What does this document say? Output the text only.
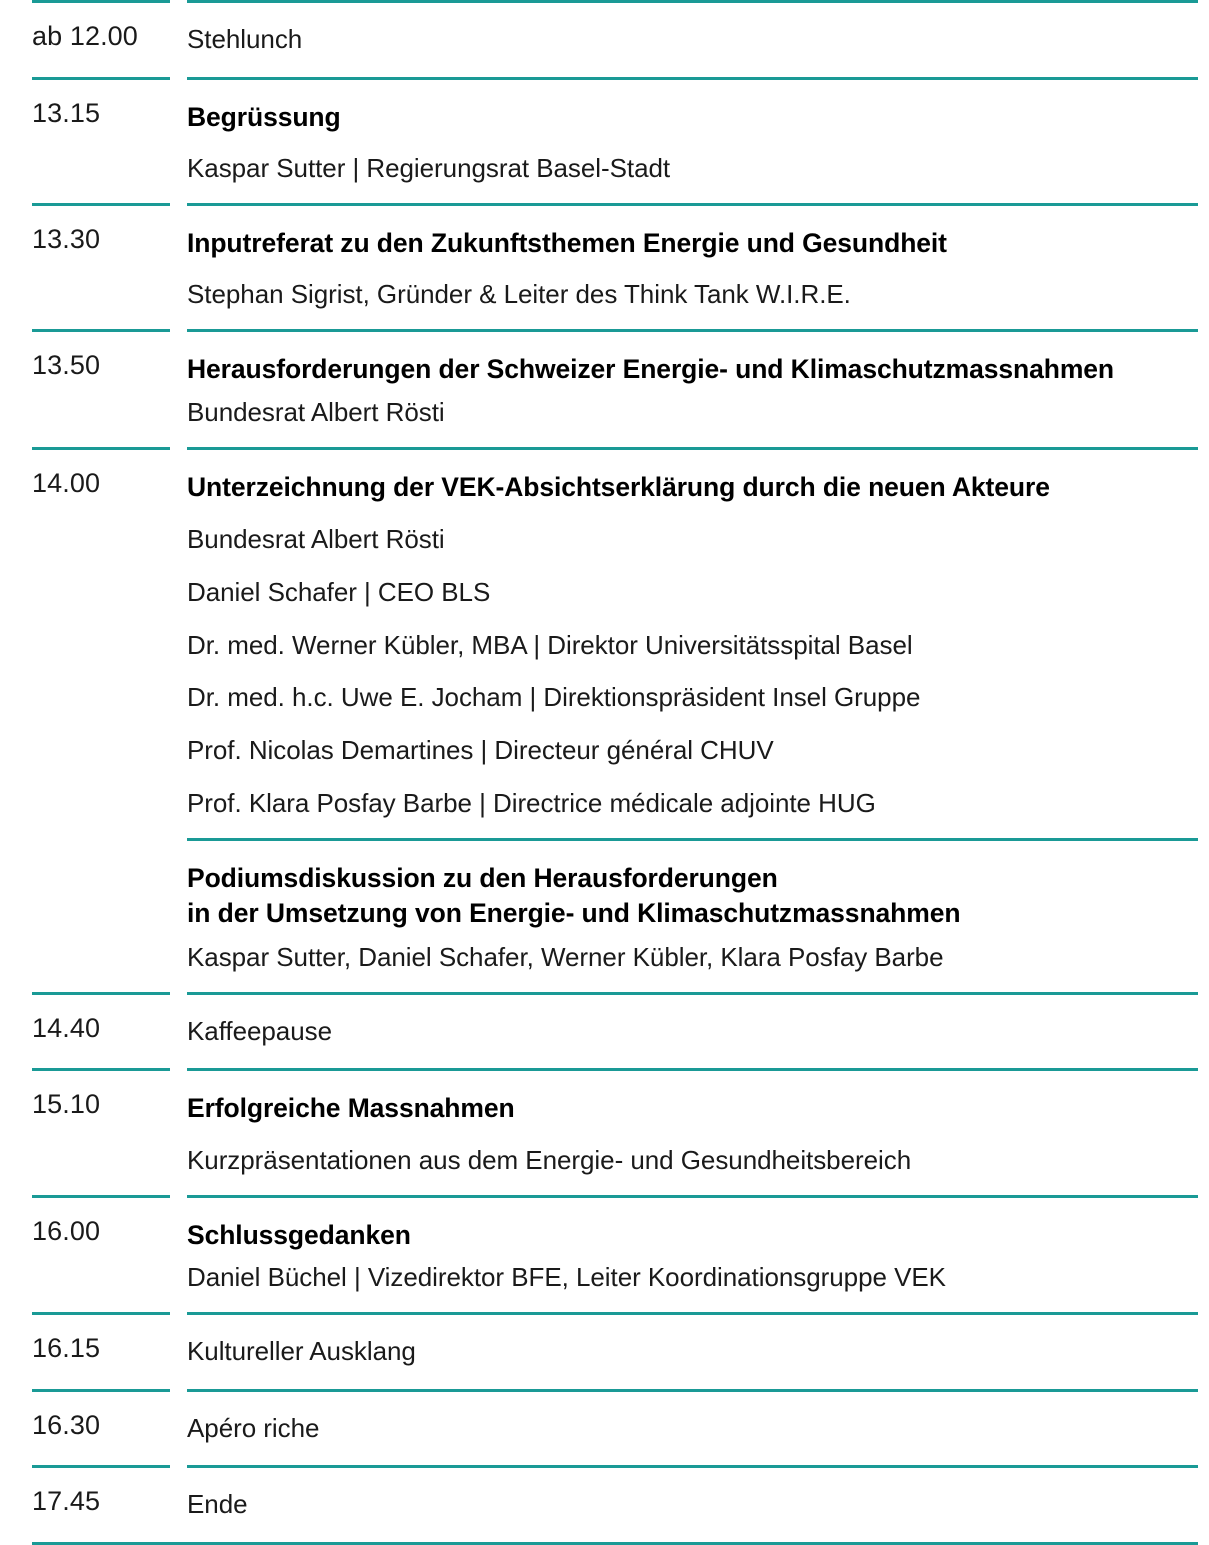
ab 12.00	Stehlunch
13.15	Begrüssung
Kaspar Sutter | Regierungsrat Basel-Stadt
13.30	Inputreferat zu den Zukunftsthemen Energie und Gesundheit
Stephan Sigrist, Gründer & Leiter des Think Tank W.I.R.E.
13.50	Herausforderungen der Schweizer Energie- und Klimaschutzmassnahmen
Bundesrat Albert Rösti
14.00	Unterzeichnung der VEK-Absichtserklärung durch die neuen Akteure
Bundesrat Albert Rösti
Daniel Schafer | CEO BLS
Dr. med. Werner Kübler, MBA | Direktor Universitätsspital Basel
Dr. med. h.c. Uwe E. Jocham | Direktionspräsident Insel Gruppe
Prof. Nicolas Demartines | Directeur général CHUV
Prof. Klara Posfay Barbe | Directrice médicale adjointe HUG
Podiumsdiskussion zu den Herausforderungen
in der Umsetzung von Energie- und Klimaschutzmassnahmen
Kaspar Sutter, Daniel Schafer, Werner Kübler, Klara Posfay Barbe
14.40	Kaffeepause
15.10	Erfolgreiche Massnahmen
Kurzpräsentationen aus dem Energie- und Gesundheitsbereich
16.00	Schlussgedanken
Daniel Büchel | Vizedirektor BFE, Leiter Koordinationsgruppe VEK
16.15	Kultureller Ausklang
16.30	Apéro riche
17.45	Ende
